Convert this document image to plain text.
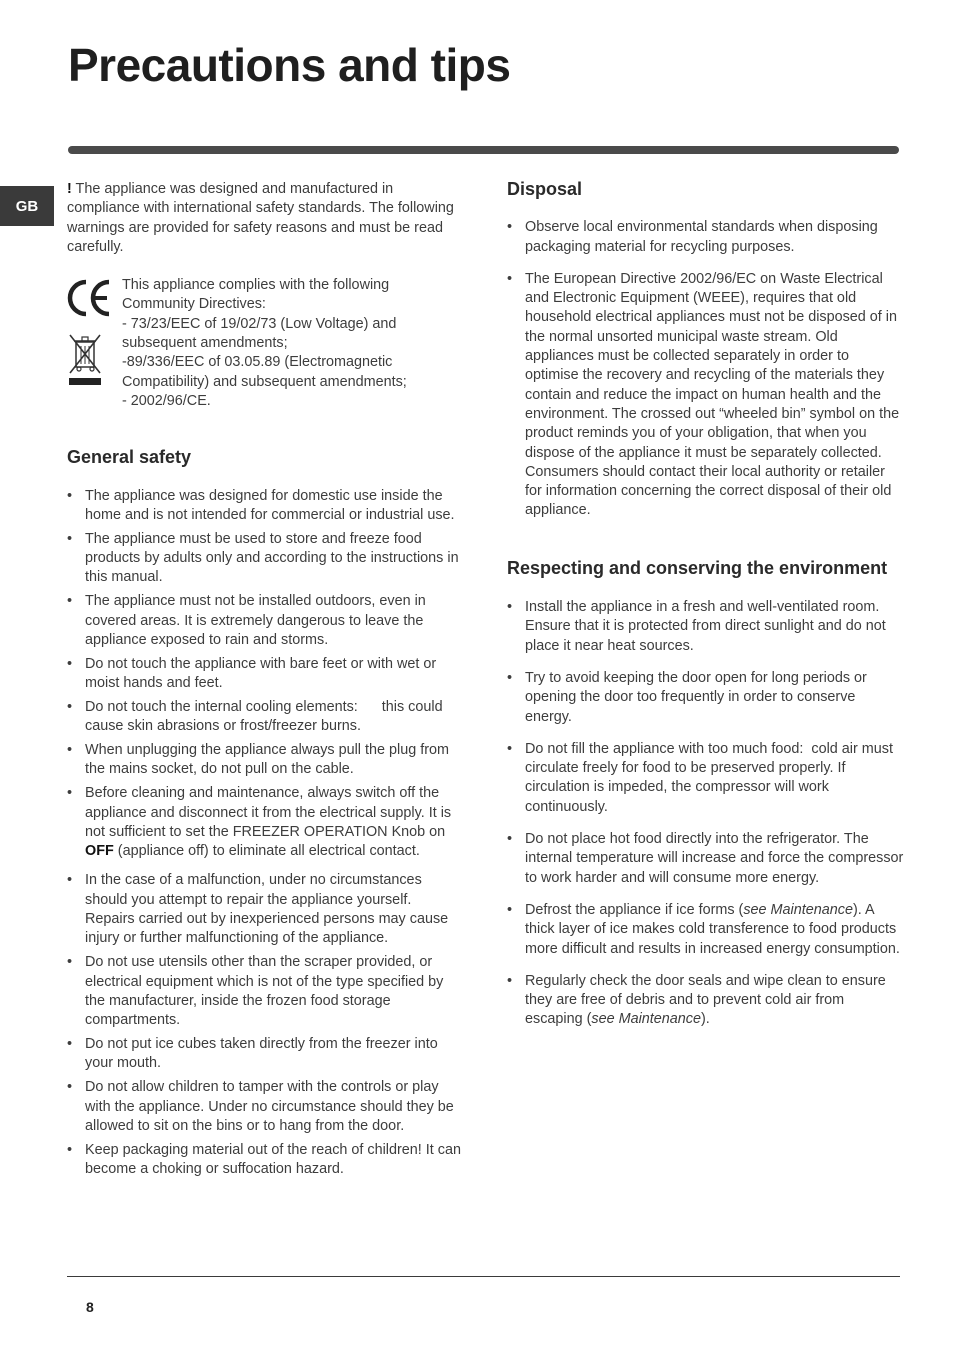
Precautions and tips
GB

! The appliance was designed and manufactured in compliance with international safety standards. The following warnings are provided for safety reasons and must be read carefully.

This appliance complies with the following
Community Directives:
- 73/23/EEC of 19/02/73 (Low Voltage) and
subsequent amendments;
-89/336/EEC of 03.05.89 (Electromagnetic
Compatibility) and subsequent amendments;
- 2002/96/CE.
General safety
• The appliance was designed for domestic use inside the home and is not intended for commercial or industrial use.
• The appliance must be used to store and freeze food products by adults only and according to the instructions in this manual.
• The appliance must not be installed outdoors, even in covered areas. It is extremely dangerous to leave the appliance exposed to rain and storms.
• Do not touch the appliance with bare feet or with wet or moist hands and feet.
• Do not touch the internal cooling elements:      this could cause skin abrasions or frost/freezer burns.
• When unplugging the appliance always pull the plug from the mains socket, do not pull on the cable.
• Before cleaning and maintenance, always switch off the appliance and disconnect it from the electrical supply. It is not sufficient to set the FREEZER OPERATION Knob on OFF (appliance off) to eliminate all electrical contact.
• In the case of a malfunction, under no circumstances should you attempt to repair the appliance yourself. Repairs carried out by inexperienced persons may cause injury or further malfunctioning of the appliance.
• Do not use utensils other than the scraper provided, or electrical equipment which is not of the type specified by the manufacturer, inside the frozen food storage compartments.
• Do not put ice cubes taken directly from the freezer into your mouth.
• Do not allow children to tamper with the controls or play with the appliance. Under no circumstance should they be allowed to sit on the bins or to hang from the door.
• Keep packaging material out of the reach of children! It can become a choking or suffocation hazard.
Disposal
• Observe local environmental standards when disposing packaging material for recycling purposes.
• The European Directive 2002/96/EC on Waste Electrical and Electronic Equipment (WEEE), requires that old household electrical appliances must not be disposed of in the normal unsorted municipal waste stream. Old appliances must be collected separately in order to optimise the recovery and recycling of the materials they contain and reduce the impact on human health and the environment. The crossed out “wheeled bin” symbol on the product reminds you of your obligation, that when you dispose of the appliance it must be separately collected.
Consumers should contact their local authority or retailer for information concerning the correct disposal of their old appliance.
Respecting and conserving the environment
• Install the appliance in a fresh and well-ventilated room. Ensure that it is protected from direct sunlight and do not place it near heat sources.
• Try to avoid keeping the door open for long periods or opening the door too frequently in order to conserve energy.
• Do not fill the appliance with too much food:  cold air must circulate freely for food to be preserved properly. If circulation is impeded, the compressor will work continuously.
• Do not place hot food directly into the refrigerator. The internal temperature will increase and force the compressor to work harder and will consume more energy.
• Defrost the appliance if ice forms (see Maintenance). A thick layer of ice makes cold transference to food products more difficult and results in increased energy consumption.
• Regularly check the door seals and wipe clean to ensure they are free of debris and to prevent cold air from escaping (see Maintenance).
8
